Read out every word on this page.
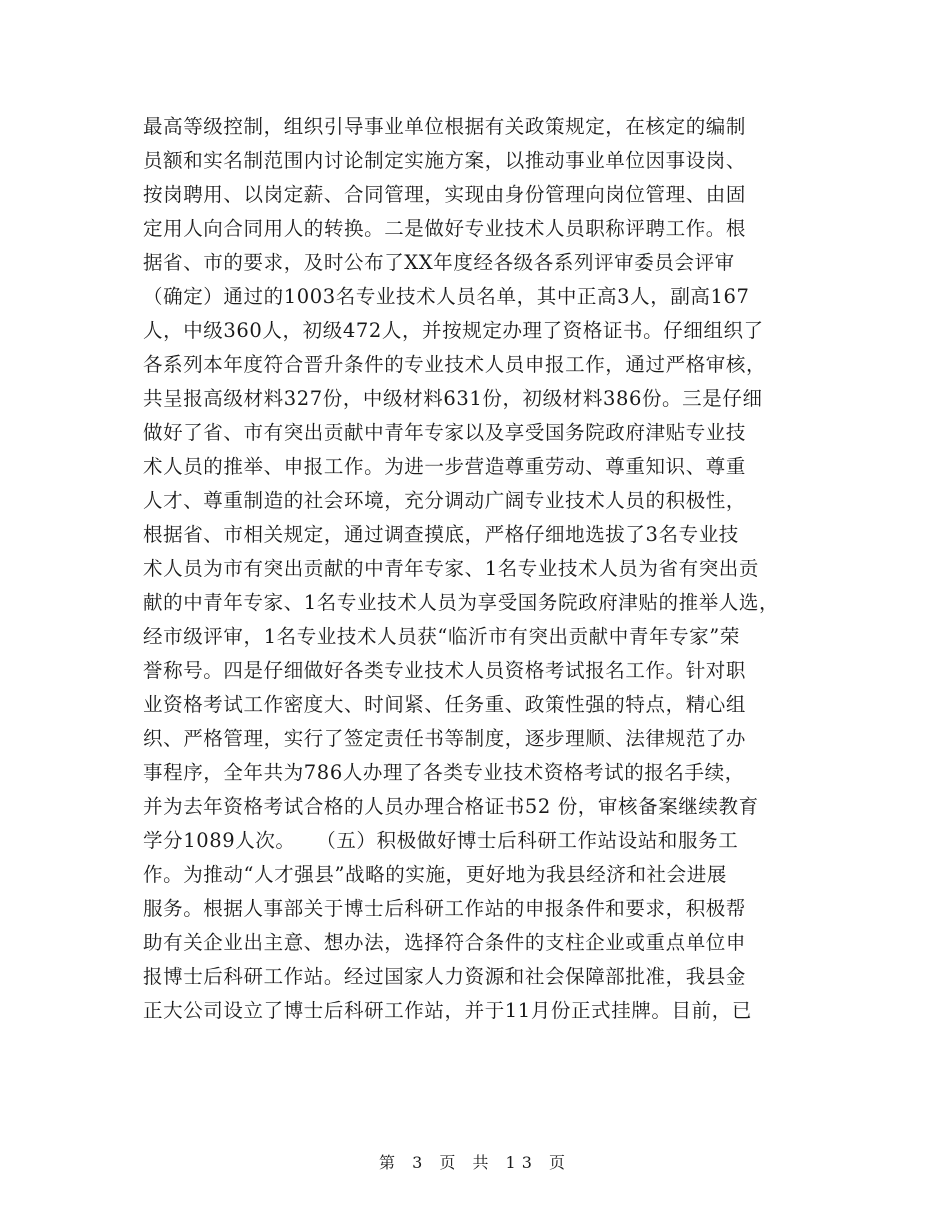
最高等级控制，组织引导事业单位根据有关政策规定，在核定的编制
员额和实名制范围内讨论制定实施方案，以推动事业单位因事设岗、
按岗聘用、以岗定薪、合同管理，实现由身份管理向岗位管理、由固
定用人向合同用人的转换。二是做好专业技术人员职称评聘工作。根
据省、市的要求，及时公布了XX年度经各级各系列评审委员会评审
（确定）通过的1003名专业技术人员名单，其中正高3人，副高167
人，中级360人，初级472人，并按规定办理了资格证书。仔细组织了
各系列本年度符合晋升条件的专业技术人员申报工作，通过严格审核，
共呈报高级材料327份，中级材料631份，初级材料386份。三是仔细
做好了省、市有突出贡献中青年专家以及享受国务院政府津贴专业技
术人员的推举、申报工作。为进一步营造尊重劳动、尊重知识、尊重
人才、尊重制造的社会环境，充分调动广阔专业技术人员的积极性，
根据省、市相关规定，通过调查摸底，严格仔细地选拔了3名专业技
术人员为市有突出贡献的中青年专家、1名专业技术人员为省有突出贡
献的中青年专家、1名专业技术人员为享受国务院政府津贴的推举人选，
经市级评审，1名专业技术人员获“临沂市有突出贡献中青年专家”荣
誉称号。四是仔细做好各类专业技术人员资格考试报名工作。针对职
业资格考试工作密度大、时间紧、任务重、政策性强的特点，精心组
织、严格管理，实行了签定责任书等制度，逐步理顺、法律规范了办
事程序，全年共为786人办理了各类专业技术资格考试的报名手续，
并为去年资格考试合格的人员办理合格证书52 份，审核备案继续教育
学分1089人次。　　（五）积极做好博士后科研工作站设站和服务工
作。为推动“人才强县”战略的实施，更好地为我县经济和社会进展
服务。根据人事部关于博士后科研工作站的申报条件和要求，积极帮
助有关企业出主意、想办法，选择符合条件的支柱企业或重点单位申
报博士后科研工作站。经过国家人力资源和社会保障部批准，我县金
正大公司设立了博士后科研工作站，并于11月份正式挂牌。目前，已
第 3 页 共 13 页
